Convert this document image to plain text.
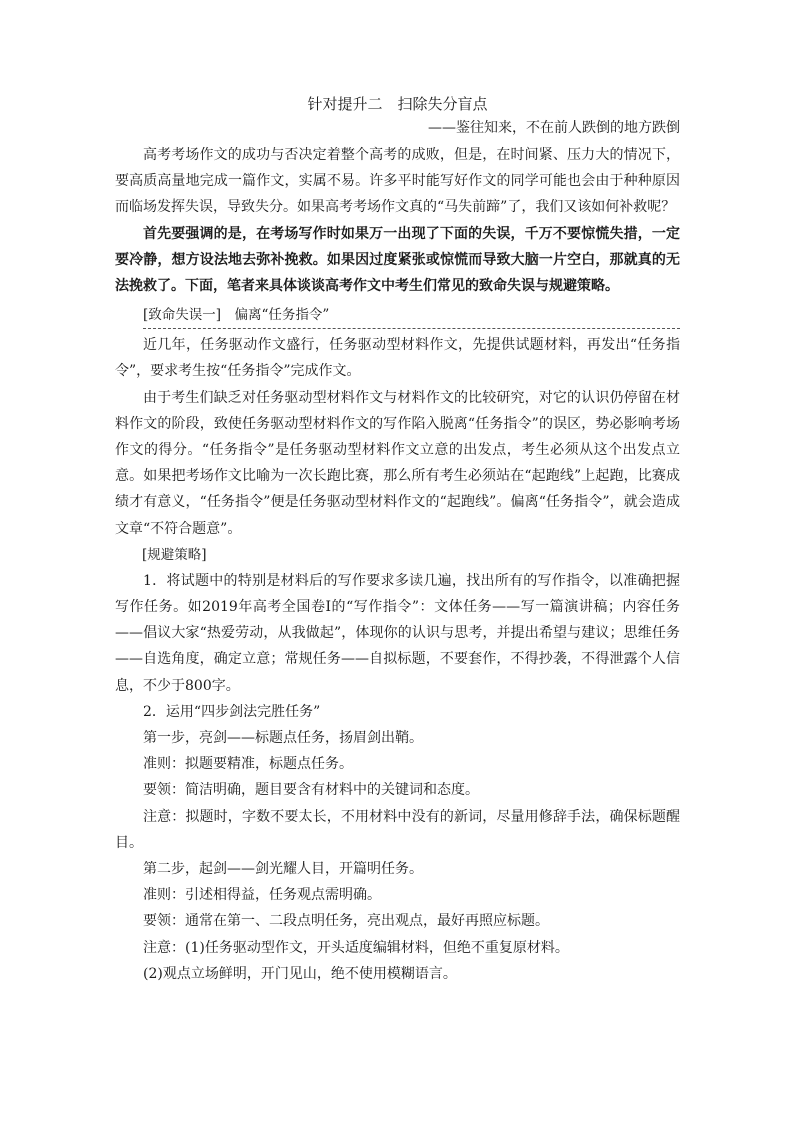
针对提升二　扫除失分盲点
——鉴往知来，不在前人跌倒的地方跌倒

高考考场作文的成功与否决定着整个高考的成败，但是，在时间紧、压力大的情况下，要高质高量地完成一篇作文，实属不易。许多平时能写好作文的同学可能也会由于种种原因而临场发挥失误，导致失分。如果高考考场作文真的“马失前蹄”了，我们又该如何补救呢？

首先要强调的是，在考场写作时如果万一出现了下面的失误，千万不要惊慌失措，一定要冷静，想方设法地去弥补挽救。如果因过度紧张或惊慌而导致大脑一片空白，那就真的无法挽救了。下面，笔者来具体谈谈高考作文中考生们常见的致命失误与规避策略。

[致命失误一]　偏离“任务指令”

近几年，任务驱动作文盛行，任务驱动型材料作文，先提供试题材料，再发出“任务指令”，要求考生按“任务指令”完成作文。

由于考生们缺乏对任务驱动型材料作文与材料作文的比较研究，对它的认识仍停留在材料作文的阶段，致使任务驱动型材料作文的写作陷入脱离“任务指令”的误区，势必影响考场作文的得分。“任务指令”是任务驱动型材料作文立意的出发点，考生必须从这个出发点立意。如果把考场作文比喻为一次长跑比赛，那么所有考生必须站在“起跑线”上起跑，比赛成绩才有意义，“任务指令”便是任务驱动型材料作文的“起跑线”。偏离“任务指令”，就会造成文章“不符合题意”。

[规避策略]

1．将试题中的特别是材料后的写作要求多读几遍，找出所有的写作指令，以准确把握写作任务。如2019年高考全国卷Ⅰ的“写作指令”：文体任务——写一篇演讲稿；内容任务——倡议大家“热爱劳动，从我做起”，体现你的认识与思考，并提出希望与建议；思维任务——自选角度，确定立意；常规任务——自拟标题，不要套作，不得抄袭，不得泄露个人信息，不少于800字。

2．运用“四步剑法完胜任务”

第一步，亮剑——标题点任务，扬眉剑出鞘。

准则：拟题要精准，标题点任务。

要领：简洁明确，题目要含有材料中的关键词和态度。

注意：拟题时，字数不要太长，不用材料中没有的新词，尽量用修辞手法，确保标题醒目。

第二步，起剑——剑光耀人目，开篇明任务。

准则：引述相得益，任务观点需明确。

要领：通常在第一、二段点明任务，亮出观点，最好再照应标题。

注意：(1)任务驱动型作文，开头适度编辑材料，但绝不重复原材料。

(2)观点立场鲜明，开门见山，绝不使用模糊语言。
